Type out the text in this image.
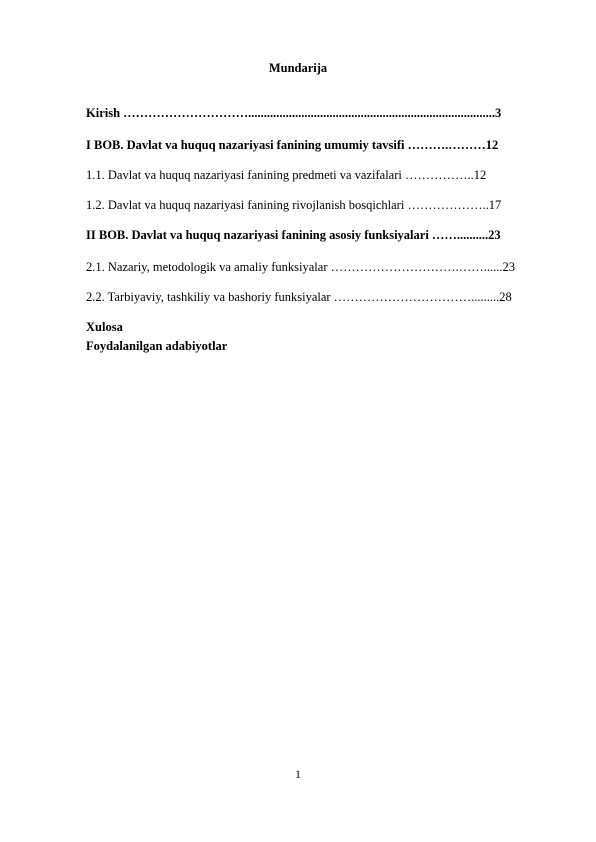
Mundarija
Kirish …………………………...............................................................................3
I BOB. Davlat va huquq nazariyasi fanining umumiy tavsifi ……….………12
1.1. Davlat va huquq nazariyasi fanining predmeti va vazifalari ……………..12
1.2. Davlat va huquq nazariyasi fanining rivojlanish bosqichlari ………………..17
II BOB. Davlat va huquq nazariyasi fanining asosiy funksiyalari ……..........23
2.1. Nazariy, metodologik va amaliy funksiyalar ………………………….……......23
2.2. Tarbiyaviy, tashkiliy va bashoriy funksiyalar …………………………….........28
Xulosa
Foydalanilgan adabiyotlar
1
